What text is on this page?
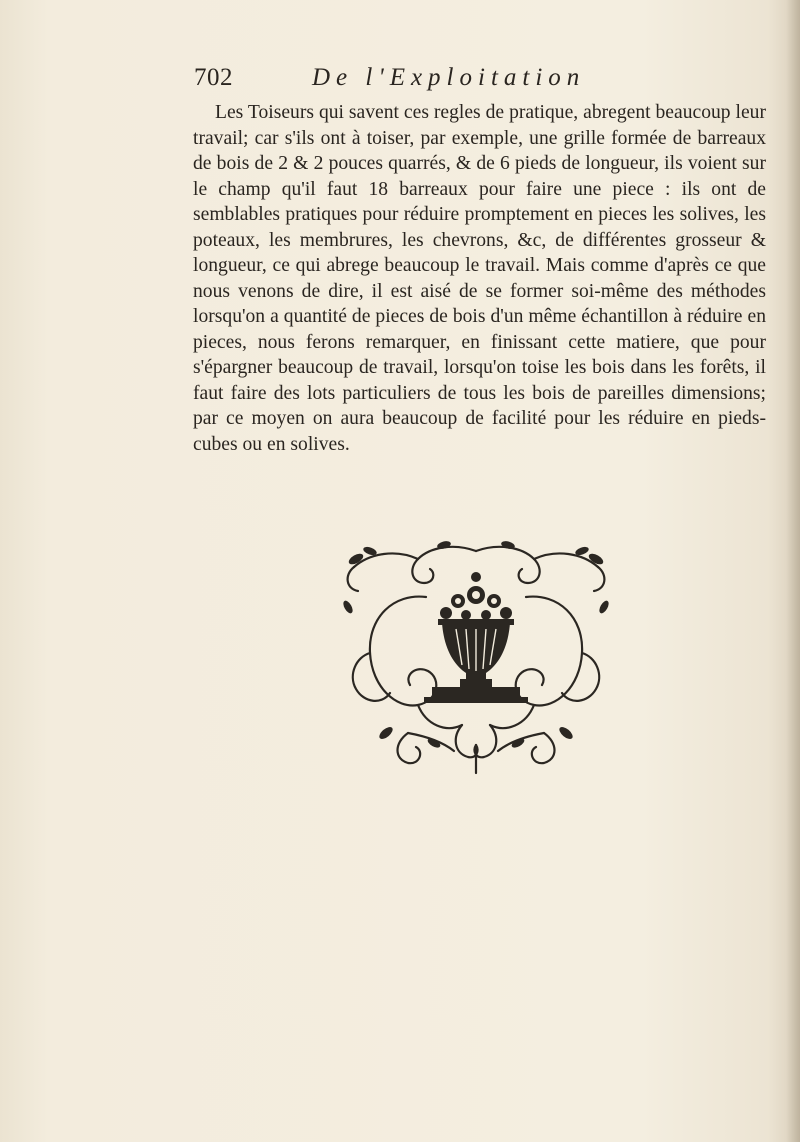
702	De l'Exploitation

Les Toiseurs qui savent ces regles de pratique, abregent beaucoup leur travail; car s'ils ont à toiser, par exemple, une grille formée de barreaux de bois de 2 & 2 pouces quarrés, & de 6 pieds de longueur, ils voient sur le champ qu'il faut 18 barreaux pour faire une piece : ils ont de semblables pratiques pour réduire promptement en pieces les solives, les poteaux, les membrures, les chevrons, &c, de différentes grosseur & longueur, ce qui abrege beaucoup le travail. Mais comme d'après ce que nous venons de dire, il est aisé de se former soi-même des méthodes lorsqu'on a quantité de pieces de bois d'un même échantillon à réduire en pieces, nous ferons remarquer, en finissant cette matiere, que pour s'épargner beaucoup de travail, lorsqu'on toise les bois dans les forêts, il faut faire des lots particuliers de tous les bois de pareilles dimensions; par ce moyen on aura beaucoup de facilité pour les réduire en pieds-cubes ou en solives.
